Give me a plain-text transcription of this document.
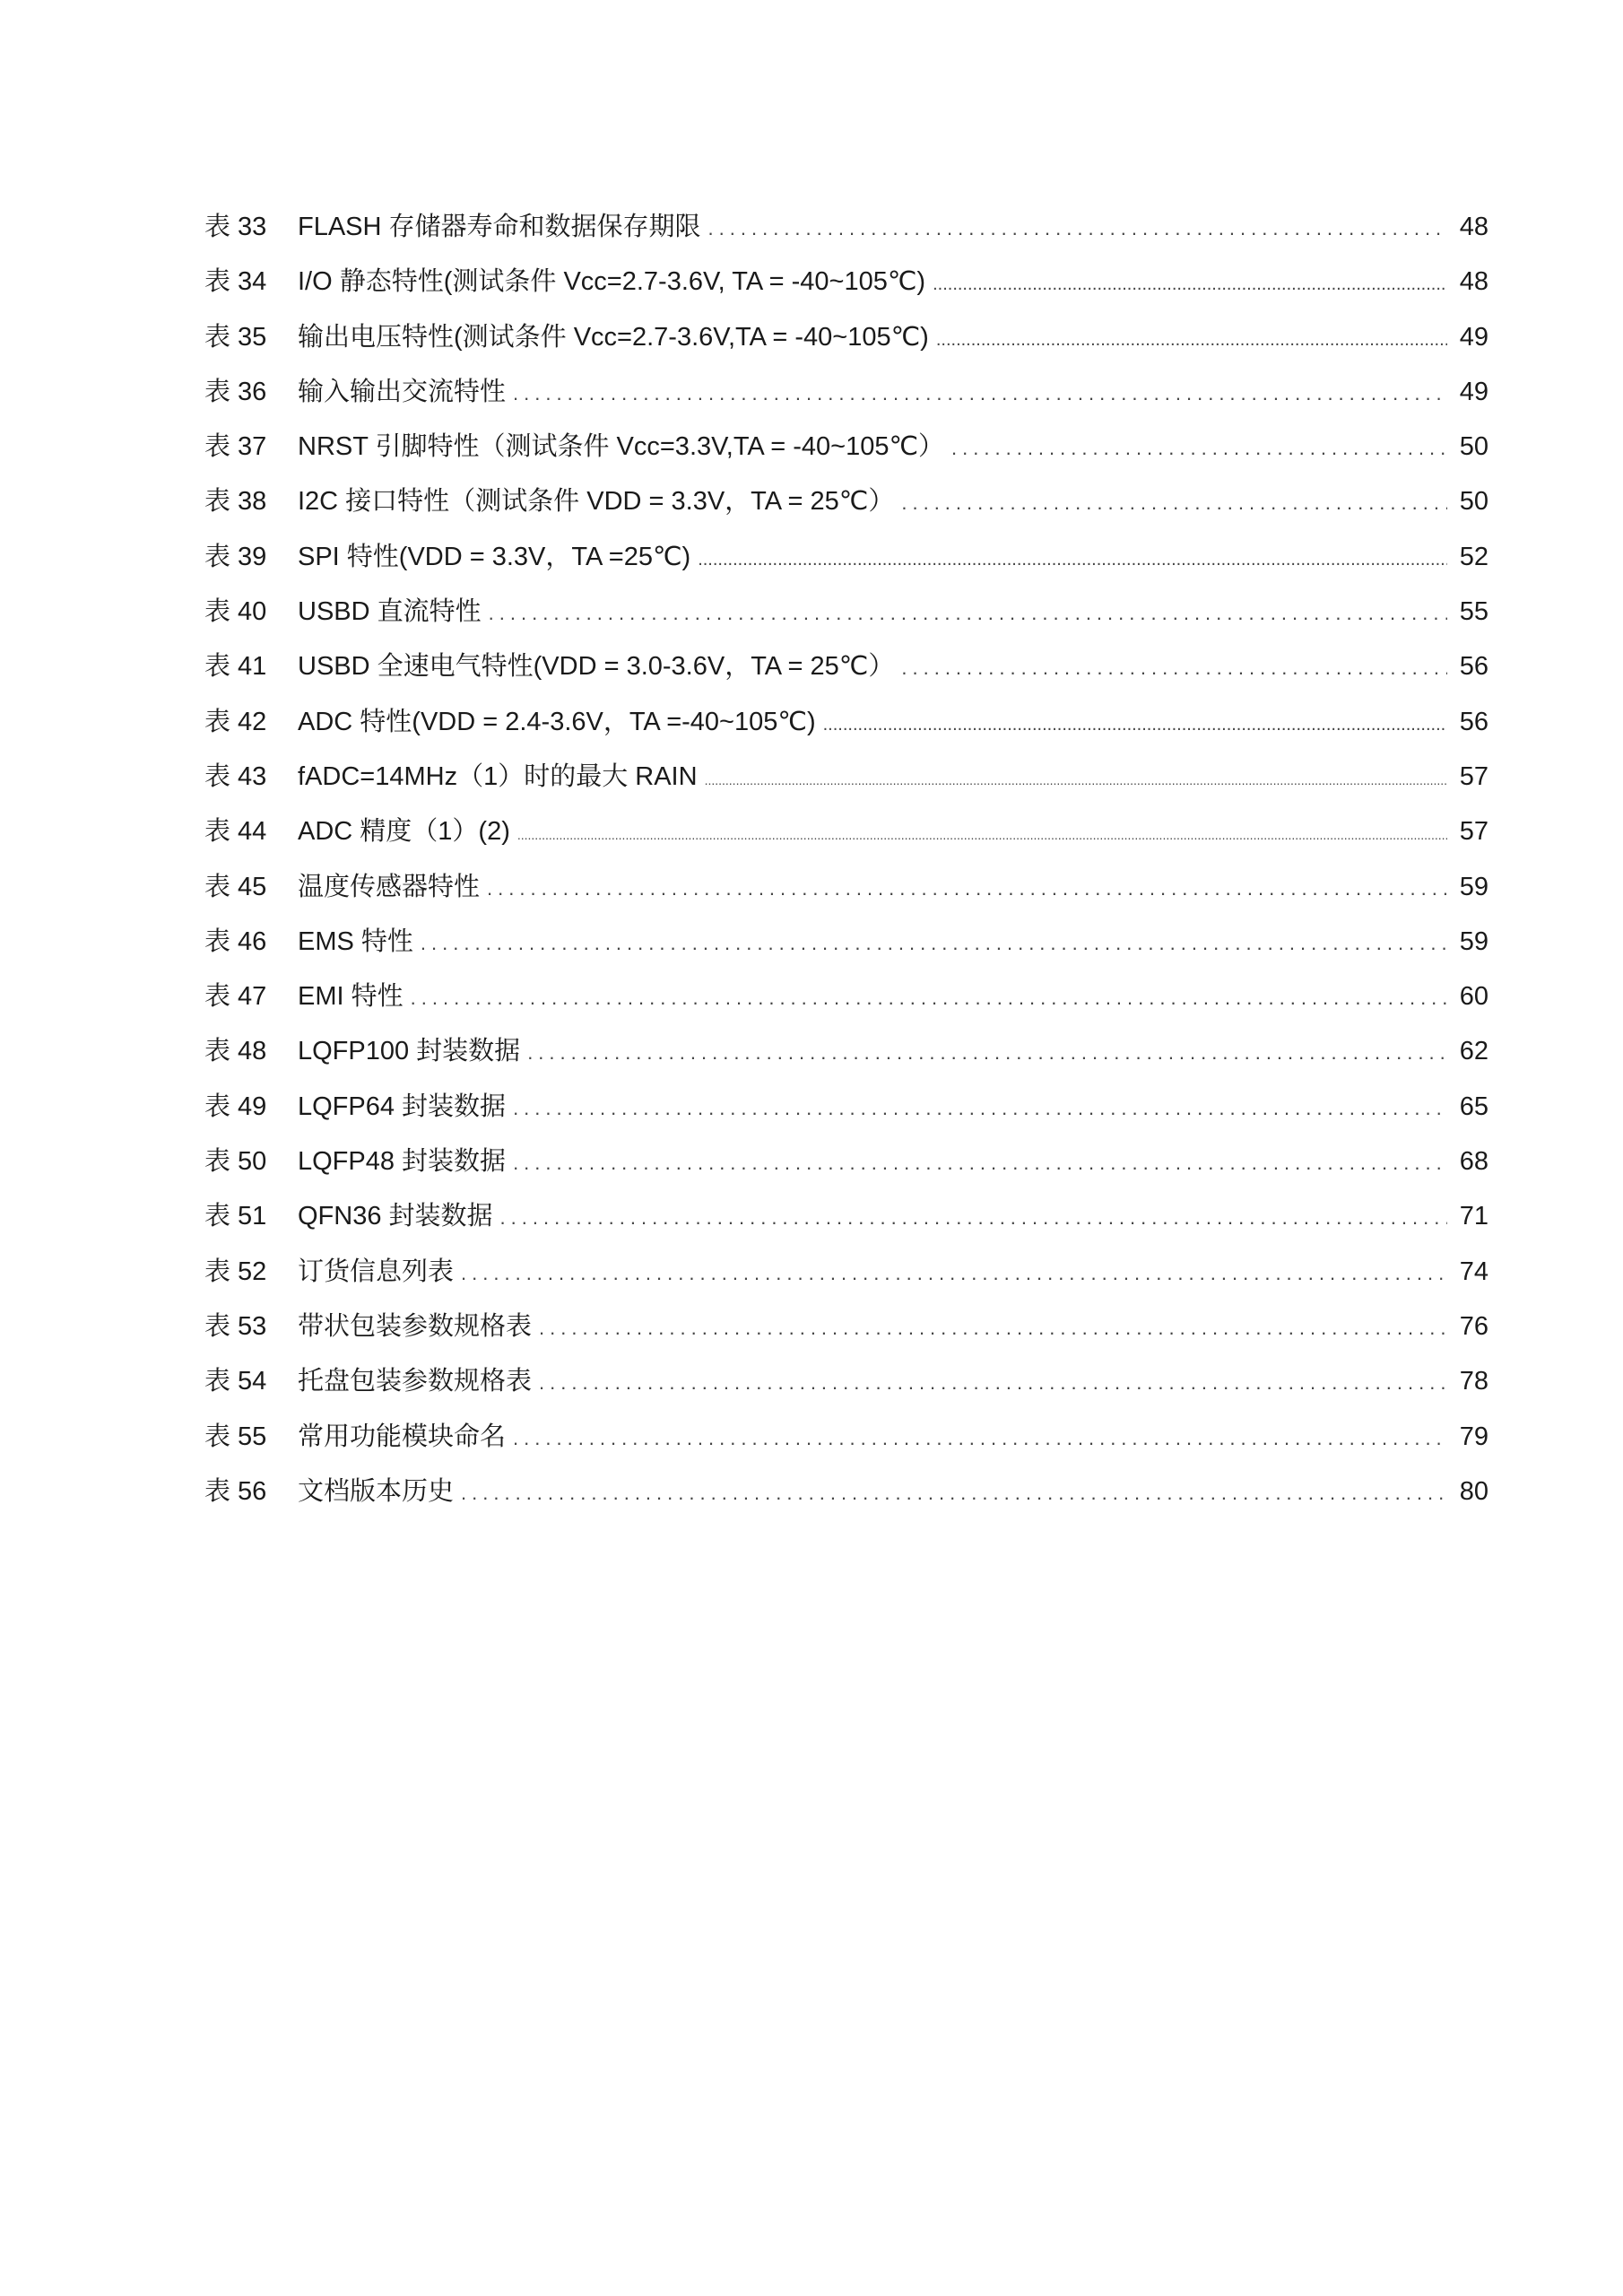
表 33	FLASH 存储器寿命和数据保存期限 .....	48
表 34	I/O 静态特性(测试条件 Vcc=2.7-3.6V, TA = -40~105℃) .....	48
表 35	输出电压特性(测试条件 Vcc=2.7-3.6V,TA = -40~105℃) .....	49
表 36	输入输出交流特性 .....	49
表 37	NRST 引脚特性（测试条件 Vcc=3.3V,TA = -40~105℃） .....	50
表 38	I2C 接口特性（测试条件 VDD = 3.3V，TA = 25℃） .....	50
表 39	SPI 特性(VDD = 3.3V，TA =25℃) .....	52
表 40	USBD 直流特性 .....	55
表 41	USBD 全速电气特性(VDD = 3.0-3.6V，TA = 25℃） .....	56
表 42	ADC 特性(VDD = 2.4-3.6V，TA =-40~105℃) .....	56
表 43	fADC=14MHz（1）时的最大 RAIN .....	57
表 44	ADC 精度（1）(2) .....	57
表 45	温度传感器特性 .....	59
表 46	EMS 特性 .....	59
表 47	EMI 特性 .....	60
表 48	LQFP100 封装数据 .....	62
表 49	LQFP64 封装数据 .....	65
表 50	LQFP48 封装数据 .....	68
表 51	QFN36 封装数据 .....	71
表 52	订货信息列表 .....	74
表 53	带状包装参数规格表 .....	76
表 54	托盘包装参数规格表 .....	78
表 55	常用功能模块命名 .....	79
表 56	文档版本历史 .....	80
